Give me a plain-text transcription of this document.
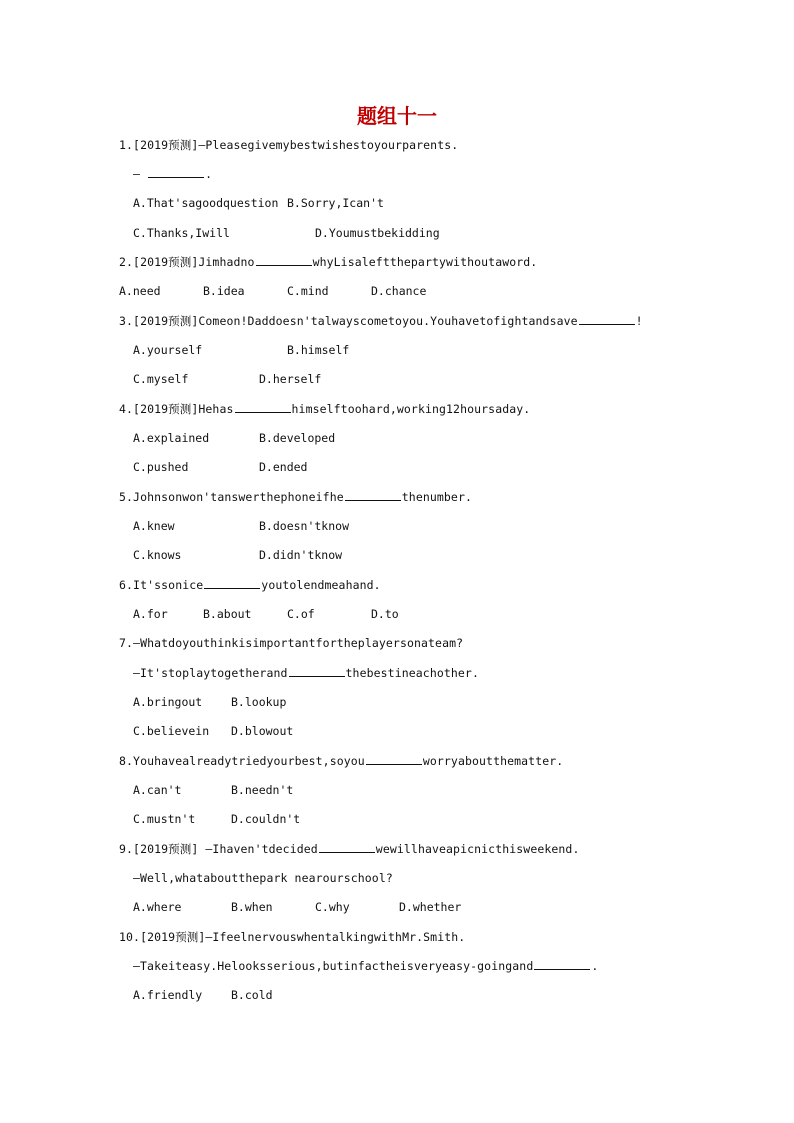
题组十一
1.[2019预测]—Pleasegivemybestwishestoyourparents.
—	.
A.That'sagoodquestion B.Sorry,Ican't
C.Thanks,Iwill	D.Youmustbekidding
2.[2019预测]Jimhadno	whyLisaleftthepartywithoutaword.
A.need	B.idea	C.mind	D.chance
3.[2019预测]Comeon!Daddoesn'talwayscometoyou.Youhavetofightandsave	!
A.yourself	B.himself
C.myself	D.herself
4.[2019预测]Hehas	himselftoohard,working12hoursaday.
A.explained	B.developed
C.pushed	D.ended
5.Johnsonwon'tanswerthephoneifhe	thenumber.
A.knew	B.doesn'tknow
C.knows	D.didn'tknow
6.It'ssonice	youtolendmeahand.
A.for	B.about	C.of	D.to
7.—Whatdoyouthinkisimportantfortheplayersonateam?
—It'stoplaytogetherand	thebestineachother.
A.bringout	B.lookup
C.believein D.blowout
8.Youhavealreadytriedyourbest,soyou	worryaboutthematter.
A.can't	B.needn't
C.mustn't	D.couldn't
9.[2019预测] —Ihaven'tdecided	wewillhaveapicnicthisweekend.
—Well,whataboutthepark nearourschool?
A.where	B.when	C.why	D.whether
10.[2019预测]—IfeelnervouswhentalkingwithMr.Smith.
—Takeiteasy.Helooksserious,butinfactheisveryeasy-goingand	.
A.friendly	B.cold
